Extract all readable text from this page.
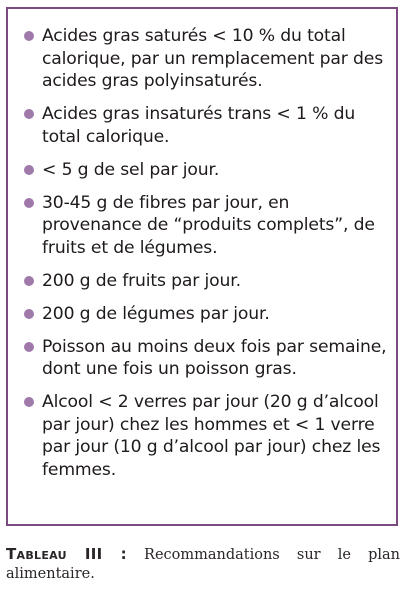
Acides gras saturés < 10 % du total calorique, par un remplacement par des acides gras polyinsaturés.
Acides gras insaturés trans < 1 % du total calorique.
< 5 g de sel par jour.
30-45 g de fibres par jour, en provenance de “produits complets”, de fruits et de légumes.
200 g de fruits par jour.
200 g de légumes par jour.
Poisson au moins deux fois par semaine, dont une fois un poisson gras.
Alcool < 2 verres par jour (20 g d’alcool par jour) chez les hommes et < 1 verre par jour (10 g d’alcool par jour) chez les femmes.
Tableau III : Recommandations sur le plan alimentaire.
